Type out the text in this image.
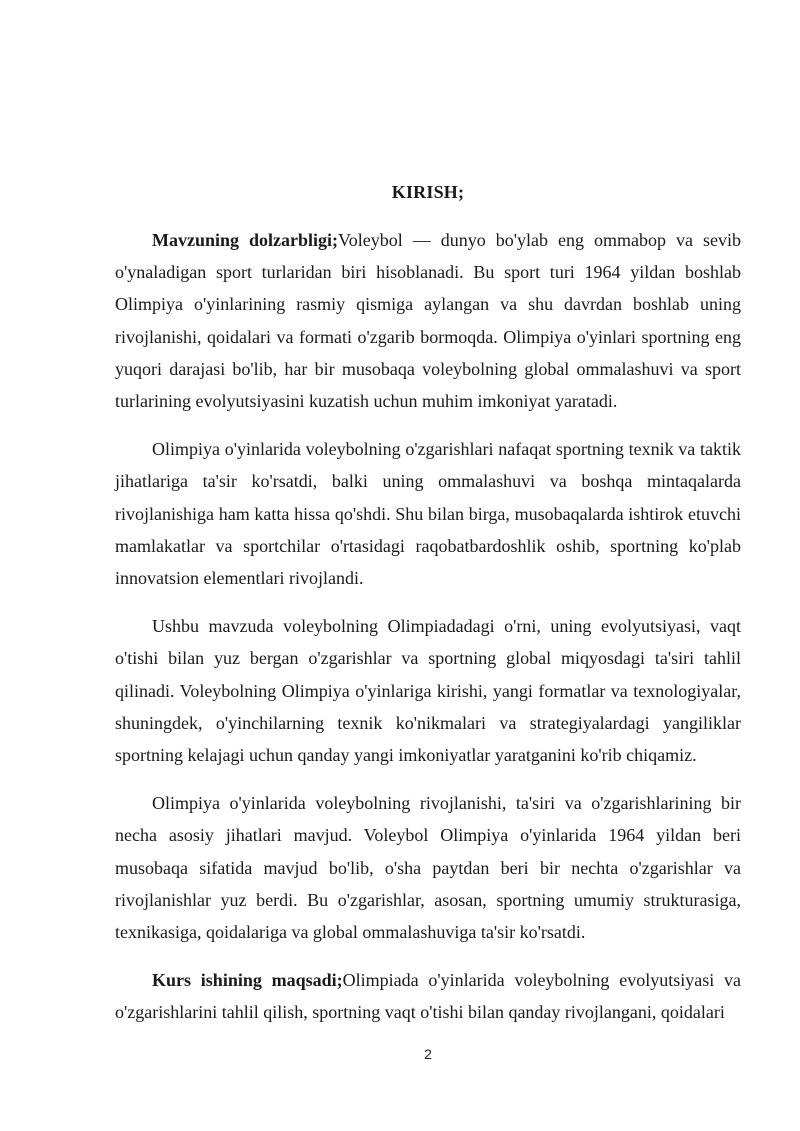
KIRISH;

Mavzuning dolzarbligi;Voleybol — dunyo bo'ylab eng ommabop va sevib o'ynaladigan sport turlaridan biri hisoblanadi. Bu sport turi 1964 yildan boshlab Olimpiya o'yinlarining rasmiy qismiga aylangan va shu davrdan boshlab uning rivojlanishi, qoidalari va formati o'zgarib bormoqda. Olimpiya o'yinlari sportning eng yuqori darajasi bo'lib, har bir musobaqa voleybolning global ommalashuvi va sport turlarining evolyutsiyasini kuzatish uchun muhim imkoniyat yaratadi.

Olimpiya o'yinlarida voleybolning o'zgarishlari nafaqat sportning texnik va taktik jihatlariga ta'sir ko'rsatdi, balki uning ommalashuvi va boshqa mintaqalarda rivojlanishiga ham katta hissa qo'shdi. Shu bilan birga, musobaqalarda ishtirok etuvchi mamlakatlar va sportchilar o'rtasidagi raqobatbardoshlik oshib, sportning ko'plab innovatsion elementlari rivojlandi.

Ushbu mavzuda voleybolning Olimpiadadagi o'rni, uning evolyutsiyasi, vaqt o'tishi bilan yuz bergan o'zgarishlar va sportning global miqyosdagi ta'siri tahlil qilinadi. Voleybolning Olimpiya o'yinlariga kirishi, yangi formatlar va texnologiyalar, shuningdek, o'yinchilarning texnik ko'nikmalari va strategiyalardagi yangiliklar sportning kelajagi uchun qanday yangi imkoniyatlar yaratganini ko'rib chiqamiz.

Olimpiya o'yinlarida voleybolning rivojlanishi, ta'siri va o'zgarishlarining bir necha asosiy jihatlari mavjud. Voleybol Olimpiya o'yinlarida 1964 yildan beri musobaqa sifatida mavjud bo'lib, o'sha paytdan beri bir nechta o'zgarishlar va rivojlanishlar yuz berdi. Bu o'zgarishlar, asosan, sportning umumiy strukturasiga, texnikasiga, qoidalariga va global ommalashuviga ta'sir ko'rsatdi.

Kurs ishining maqsadi;Olimpiada o'yinlarida voleybolning evolyutsiyasi va o'zgarishlarini tahlil qilish, sportning vaqt o'tishi bilan qanday rivojlangani, qoidalari

2
